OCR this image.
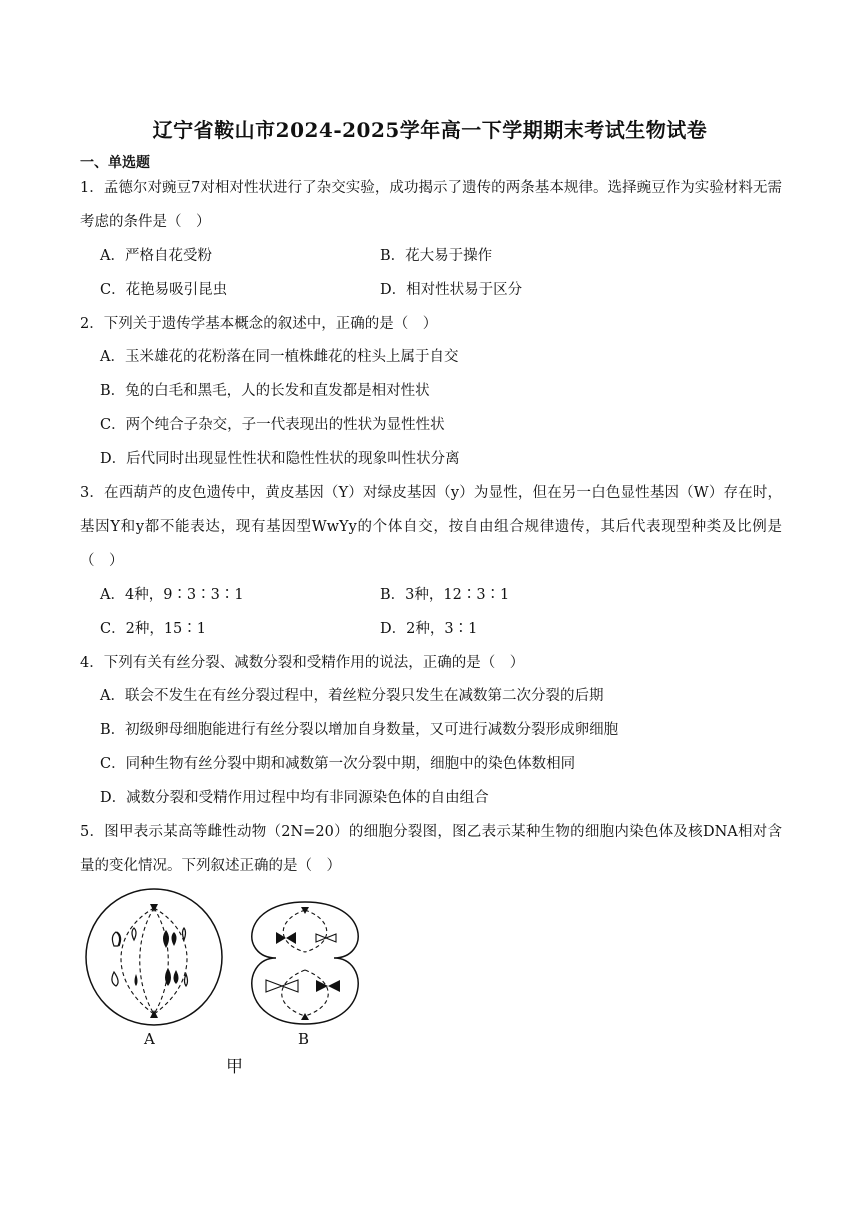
辽宁省鞍山市2024-2025学年高一下学期期末考试生物试卷
一、单选题
1．孟德尔对豌豆7对相对性状进行了杂交实验，成功揭示了遗传的两条基本规律。选择豌豆作为实验材料无需考虑的条件是（　）
A．严格自花受粉	B．花大易于操作
C．花艳易吸引昆虫	D．相对性状易于区分
2．下列关于遗传学基本概念的叙述中，正确的是（　）
A．玉米雄花的花粉落在同一植株雌花的柱头上属于自交
B．兔的白毛和黑毛，人的长发和直发都是相对性状
C．两个纯合子杂交，子一代表现出的性状为显性性状
D．后代同时出现显性性状和隐性性状的现象叫性状分离
3．在西葫芦的皮色遗传中，黄皮基因（Y）对绿皮基因（y）为显性，但在另一白色显性基因（W）存在时，基因Y和y都不能表达，现有基因型WwYy的个体自交，按自由组合规律遗传，其后代表现型种类及比例是（　）
A．4种，9∶3∶3∶1	B．3种，12∶3∶1
C．2种，15∶1	D．2种，3∶1
4．下列有关有丝分裂、减数分裂和受精作用的说法，正确的是（　）
A．联会不发生在有丝分裂过程中，着丝粒分裂只发生在减数第二次分裂的后期
B．初级卵母细胞能进行有丝分裂以增加自身数量，又可进行减数分裂形成卵细胞
C．同种生物有丝分裂中期和减数第一次分裂中期，细胞中的染色体数相同
D．减数分裂和受精作用过程中均有非同源染色体的自由组合
5．图甲表示某高等雌性动物（2N=20）的细胞分裂图，图乙表示某种生物的细胞内染色体及核DNA相对含量的变化情况。下列叙述正确的是（　）
A	B
甲
